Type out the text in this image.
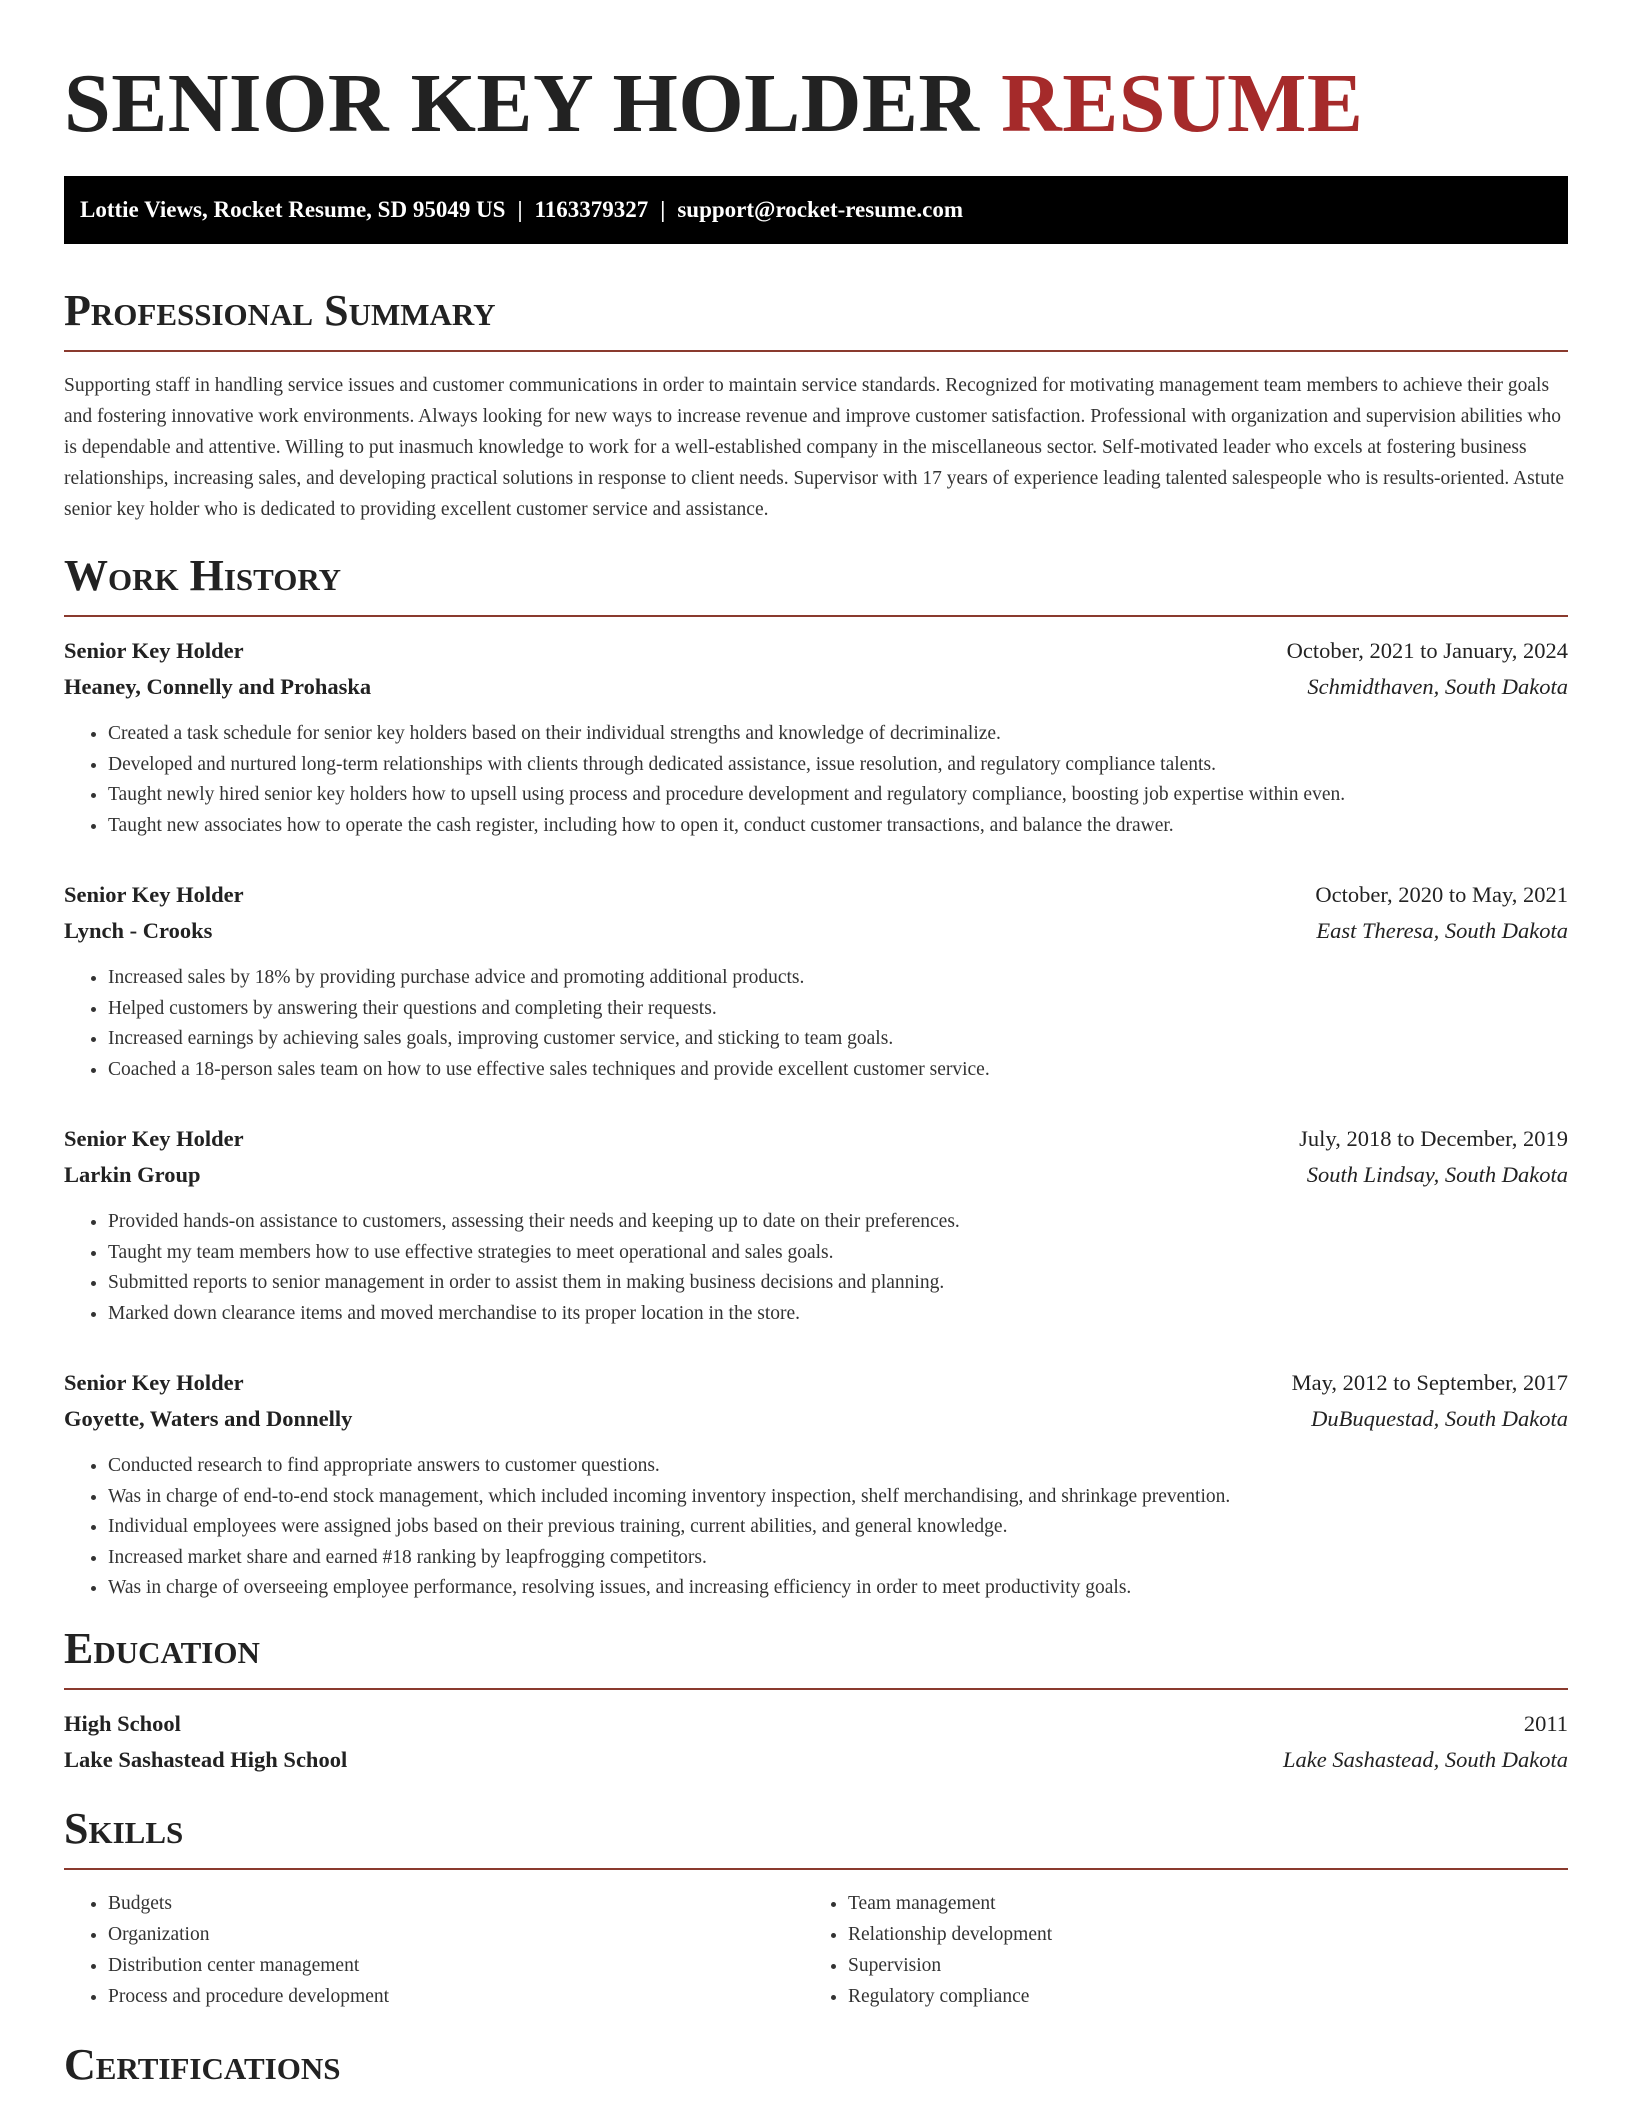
SENIOR KEY HOLDER RESUME
Lottie Views, Rocket Resume, SD 95049 US | 1163379327 | support@rocket-resume.com
Professional Summary

Supporting staff in handling service issues and customer communications in order to maintain service standards. Recognized for motivating management team members to achieve their goals and fostering innovative work environments. Always looking for new ways to increase revenue and improve customer satisfaction. Professional with organization and supervision abilities who is dependable and attentive. Willing to put inasmuch knowledge to work for a well-established company in the miscellaneous sector. Self-motivated leader who excels at fostering business relationships, increasing sales, and developing practical solutions in response to client needs. Supervisor with 17 years of experience leading talented salespeople who is results-oriented. Astute senior key holder who is dedicated to providing excellent customer service and assistance.

Work History
Senior Key Holder	October, 2021 to January, 2024
Heaney, Connelly and Prohaska	Schmidthaven, South Dakota
• Created a task schedule for senior key holders based on their individual strengths and knowledge of decriminalize.
• Developed and nurtured long-term relationships with clients through dedicated assistance, issue resolution, and regulatory compliance talents.
• Taught newly hired senior key holders how to upsell using process and procedure development and regulatory compliance, boosting job expertise within even.
• Taught new associates how to operate the cash register, including how to open it, conduct customer transactions, and balance the drawer.
Senior Key Holder	October, 2020 to May, 2021
Lynch - Crooks	East Theresa, South Dakota
• Increased sales by 18% by providing purchase advice and promoting additional products.
• Helped customers by answering their questions and completing their requests.
• Increased earnings by achieving sales goals, improving customer service, and sticking to team goals.
• Coached a 18-person sales team on how to use effective sales techniques and provide excellent customer service.
Senior Key Holder	July, 2018 to December, 2019
Larkin Group	South Lindsay, South Dakota
• Provided hands-on assistance to customers, assessing their needs and keeping up to date on their preferences.
• Taught my team members how to use effective strategies to meet operational and sales goals.
• Submitted reports to senior management in order to assist them in making business decisions and planning.
• Marked down clearance items and moved merchandise to its proper location in the store.
Senior Key Holder	May, 2012 to September, 2017
Goyette, Waters and Donnelly	DuBuquestad, South Dakota
• Conducted research to find appropriate answers to customer questions.
• Was in charge of end-to-end stock management, which included incoming inventory inspection, shelf merchandising, and shrinkage prevention.
• Individual employees were assigned jobs based on their previous training, current abilities, and general knowledge.
• Increased market share and earned #18 ranking by leapfrogging competitors.
• Was in charge of overseeing employee performance, resolving issues, and increasing efficiency in order to meet productivity goals.
Education
High School	2011
Lake Sashastead High School	Lake Sashastead, South Dakota
Skills
• Budgets
• Organization
• Distribution center management
• Process and procedure development
• Team management
• Relationship development
• Supervision
• Regulatory compliance
Certifications
